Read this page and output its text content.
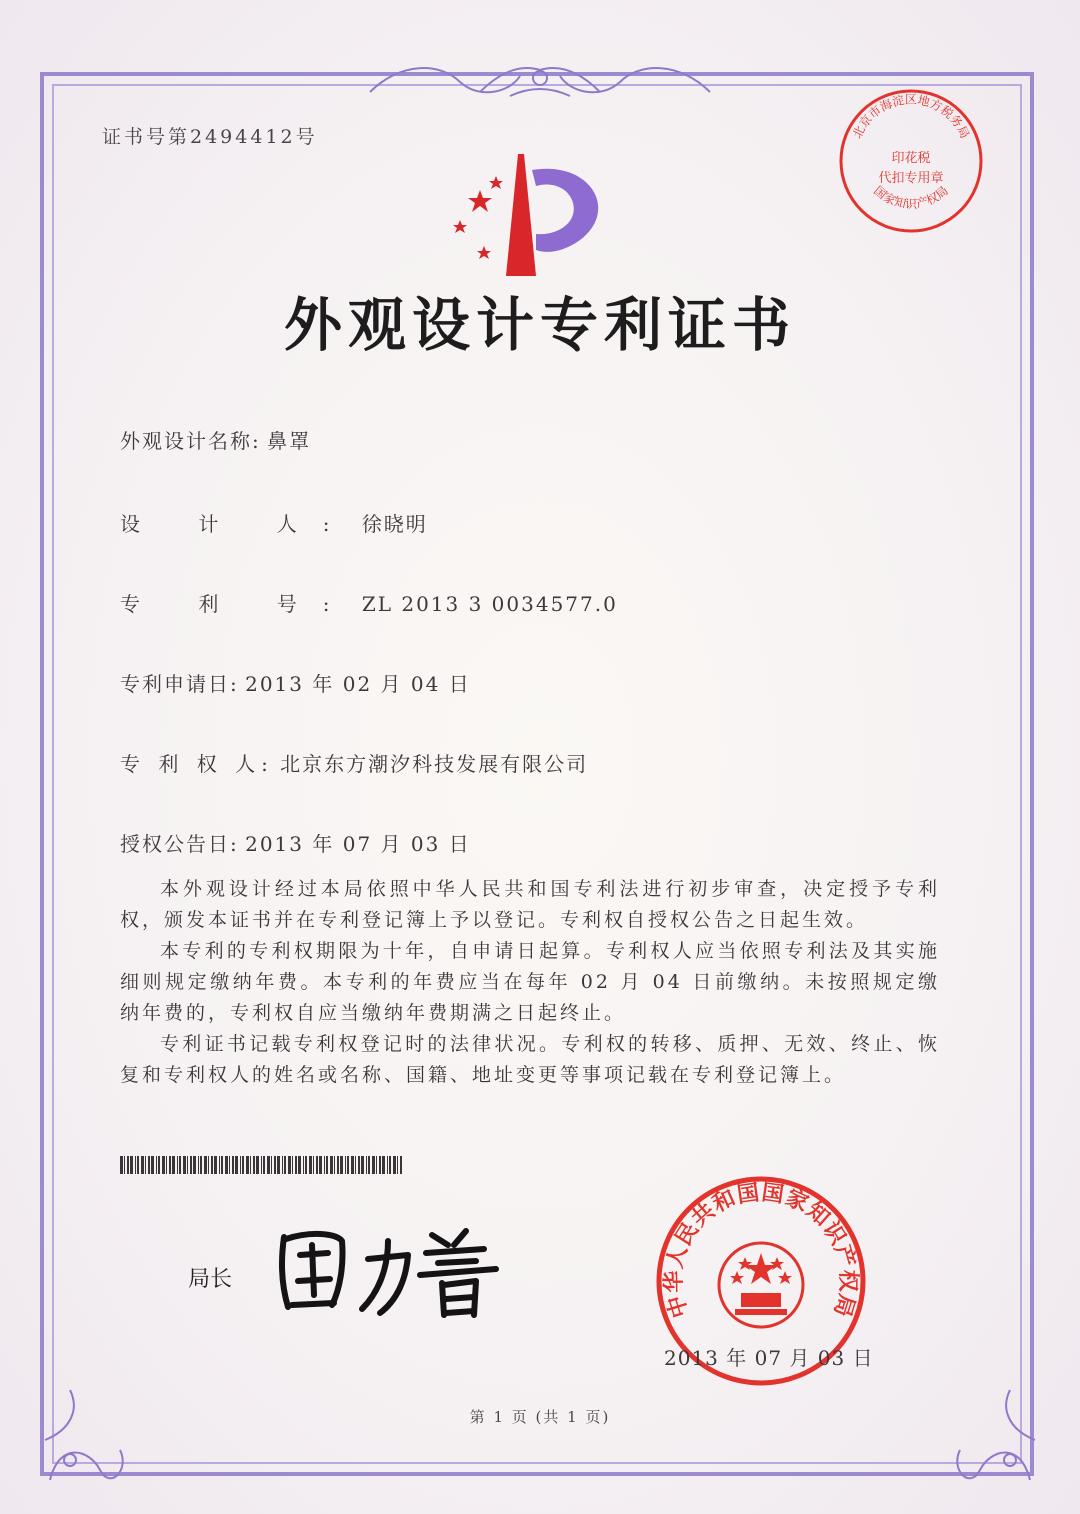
证书号第2494412号
外观设计专利证书
外观设计名称: 鼻罩
设 计 人: 徐晓明
专 利 号: ZL 2013 3 0034577.0
专利申请日: 2013 年 02 月 04 日
专 利 权 人: 北京东方潮汐科技发展有限公司
授权公告日: 2013 年 07 月 03 日

本外观设计经过本局依照中华人民共和国专利法进行初步审查，决定授予专利权，颁发本证书并在专利登记簿上予以登记。专利权自授权公告之日起生效。

本专利的专利权期限为十年，自申请日起算。专利权人应当依照专利法及其实施细则规定缴纳年费。本专利的年费应当在每年 02 月 04 日前缴纳。未按照规定缴纳年费的，专利权自应当缴纳年费期满之日起终止。

专利证书记载专利权登记时的法律状况。专利权的转移、质押、无效、终止、恢复和专利权人的姓名或名称、国籍、地址变更等事项记载在专利登记簿上。

局长
中华人民共和国国家知识产权局
2013 年 07 月 03 日
北京市海淀区地方税务局
国家知识产权局
印花税
代扣专用章
第 1 页 (共 1 页)
